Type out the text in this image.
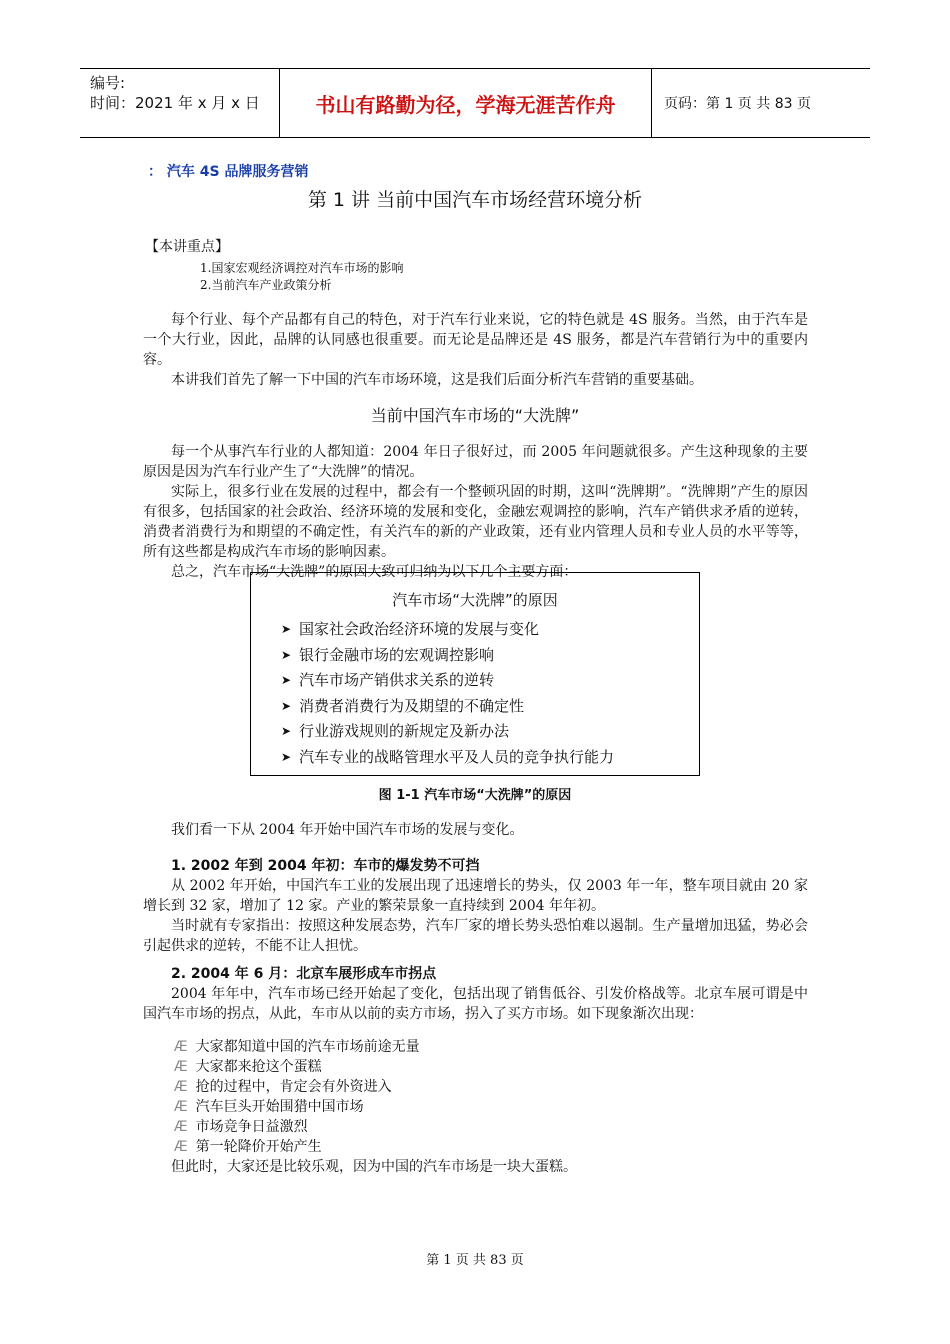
编号:
时间：2021 年 x 月 x 日	书山有路勤为径，学海无涯苦作舟	页码：第 1 页 共 83 页
： 汽车 4S 品牌服务营销
第 1 讲 当前中国汽车市场经营环境分析
【本讲重点】
1.国家宏观经济调控对汽车市场的影响
2.当前汽车产业政策分析

每个行业、每个产品都有自己的特色，对于汽车行业来说，它的特色就是 4S 服务。当然，由于汽车是一个大行业，因此，品牌的认同感也很重要。而无论是品牌还是 4S 服务，都是汽车营销行为中的重要内容。

本讲我们首先了解一下中国的汽车市场环境，这是我们后面分析汽车营销的重要基础。

当前中国汽车市场的“大洗牌”

每一个从事汽车行业的人都知道：2004 年日子很好过，而 2005 年问题就很多。产生这种现象的主要原因是因为汽车行业产生了“大洗牌”的情况。

实际上，很多行业在发展的过程中，都会有一个整顿巩固的时期，这叫“洗牌期”。“洗牌期”产生的原因有很多，包括国家的社会政治、经济环境的发展和变化，金融宏观调控的影响，汽车产销供求矛盾的逆转，消费者消费行为和期望的不确定性，有关汽车的新的产业政策，还有业内管理人员和专业人员的水平等等，所有这些都是构成汽车市场的影响因素。

总之，汽车市场“大洗牌”的原因大致可归纳为以下几个主要方面：

汽车市场“大洗牌”的原因
➤ 国家社会政治经济环境的发展与变化
➤ 银行金融市场的宏观调控影响
➤ 汽车市场产销供求关系的逆转
➤ 消费者消费行为及期望的不确定性
➤ 行业游戏规则的新规定及新办法
➤ 汽车专业的战略管理水平及人员的竞争执行能力
图 1-1 汽车市场“大洗牌”的原因

我们看一下从 2004 年开始中国汽车市场的发展与变化。

1. 2002 年到 2004 年初：车市的爆发势不可挡

从 2002 年开始，中国汽车工业的发展出现了迅速增长的势头，仅 2003 年一年，整车项目就由 20 家增长到 32 家，增加了 12 家。产业的繁荣景象一直持续到 2004 年年初。

当时就有专家指出：按照这种发展态势，汽车厂家的增长势头恐怕难以遏制。生产量增加迅猛，势必会引起供求的逆转，不能不让人担忧。

2. 2004 年 6 月：北京车展形成车市拐点

2004 年年中，汽车市场已经开始起了变化，包括出现了销售低谷、引发价格战等。北京车展可谓是中国汽车市场的拐点，从此，车市从以前的卖方市场，拐入了买方市场。如下现象渐次出现：

Æ 大家都知道中国的汽车市场前途无量
Æ 大家都来抢这个蛋糕
Æ 抢的过程中，肯定会有外资进入
Æ 汽车巨头开始围猎中国市场
Æ 市场竞争日益激烈
Æ 第一轮降价开始产生

但此时，大家还是比较乐观，因为中国的汽车市场是一块大蛋糕。

第 1 页 共 83 页
